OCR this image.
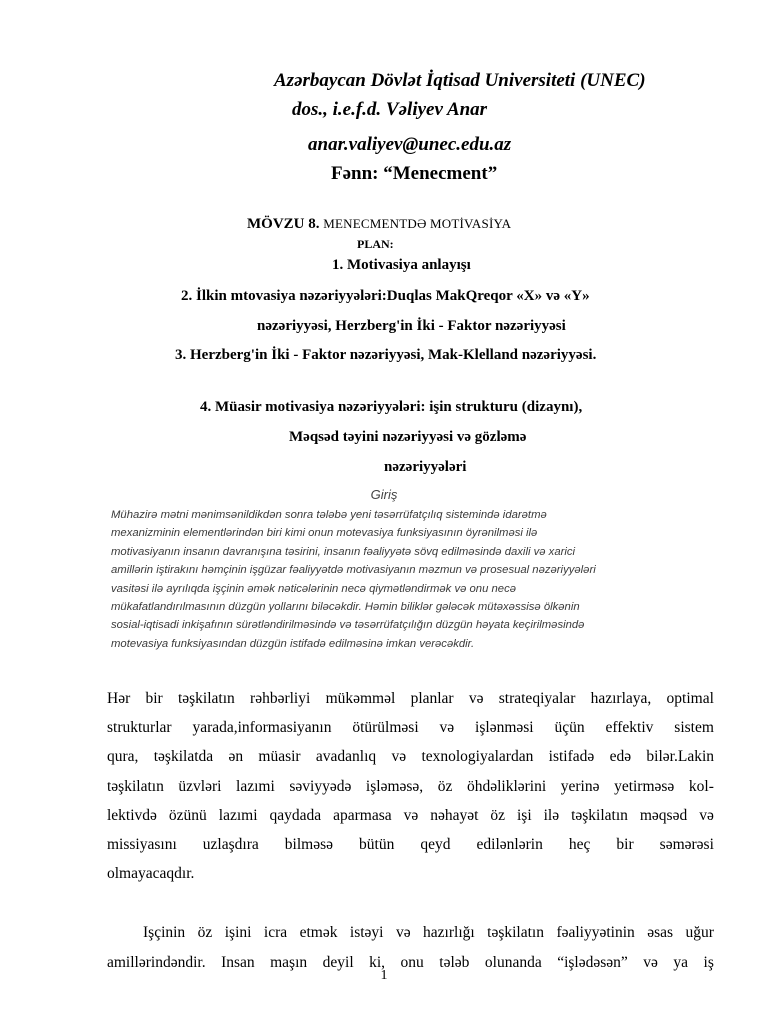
Azərbaycan Dövlət İqtisad Universiteti (UNEC)
dos., i.e.f.d. Vəliyev Anar
anar.valiyev@unec.edu.az
Fənn: “Menecment”
MÖVZU 8. MENECMENTDƏ MOTİVASİYA
PLAN:
1. Motivasiya anlayışı
2. İlkin mtovasiya nəzəriyyələri:Duqlas MakQreqor «X» və «Y»
nəzəriyyəsi, Herzberg'in İki - Faktor nəzəriyyəsi
3. Herzberg'in İki - Faktor nəzəriyyəsi, Mak-Klelland nəzəriyyəsi.
4. Müasir motivasiya nəzəriyyələri: işin strukturu (dizaynı),
Məqsəd təyini nəzəriyyəsi və gözləmə
nəzəriyyələri
Giriş
Mühazirə mətni mənimsənildikdən sonra tələbə yeni təsərrüfatçılıq sistemində idarətmə
mexanizminin elementlərindən biri kimi onun motevasiya funksiyasının öyrənilməsi ilə
motivasiyanın insanın davranışına təsirini, insanın fəaliyyətə sövq edilməsində daxili və xarici
amillərin iştirakını həmçinin işgüzar fəaliyyətdə motivasiyanın məzmun və prosesual nəzəriyyələri
vasitəsi ilə ayrılıqda işçinin əmək nəticələrinin necə qiymətləndirmək və onu necə
mükafatlandırılmasının düzgün yollarını biləcəkdir. Həmin biliklər gələcək mütəxəssisə ölkənin
sosial-iqtisadi inkişafının sürətləndirilməsində və təsərrüfatçılığın düzgün həyata keçirilməsində
motevasiya funksiyasından düzgün istifadə edilməsinə imkan verəcəkdir.
Hər bir təşkilatın rəhbərliyi mükəmməl planlar və strateqiyalar hazırlaya, optimal
strukturlar yarada,informasiyanın ötürülməsi və işlənməsi üçün effektiv sistem
qura, təşkilatda ən müasir avadanlıq və texnologiyalardan istifadə edə bilər.Lakin
təşkilatın üzvləri lazımi səviyyədə işləməsə, öz öhdəliklərini yerinə yetirməsə kol-
lektivdə özünü lazımi qaydada aparmasa və nəhayət öz işi ilə təşkilatın məqsəd və
missiyasını uzlaşdıra bilməsə bütün qeyd edilənlərin heç bir səmərəsi
olmayacaqdır.
Işçinin öz işini icra etmək istəyi və hazırlığı təşkilatın fəaliyyətinin əsas uğur
amillərindəndir. Insan maşın deyil ki, onu tələb olunanda “işlədəsən” və ya iş
1
